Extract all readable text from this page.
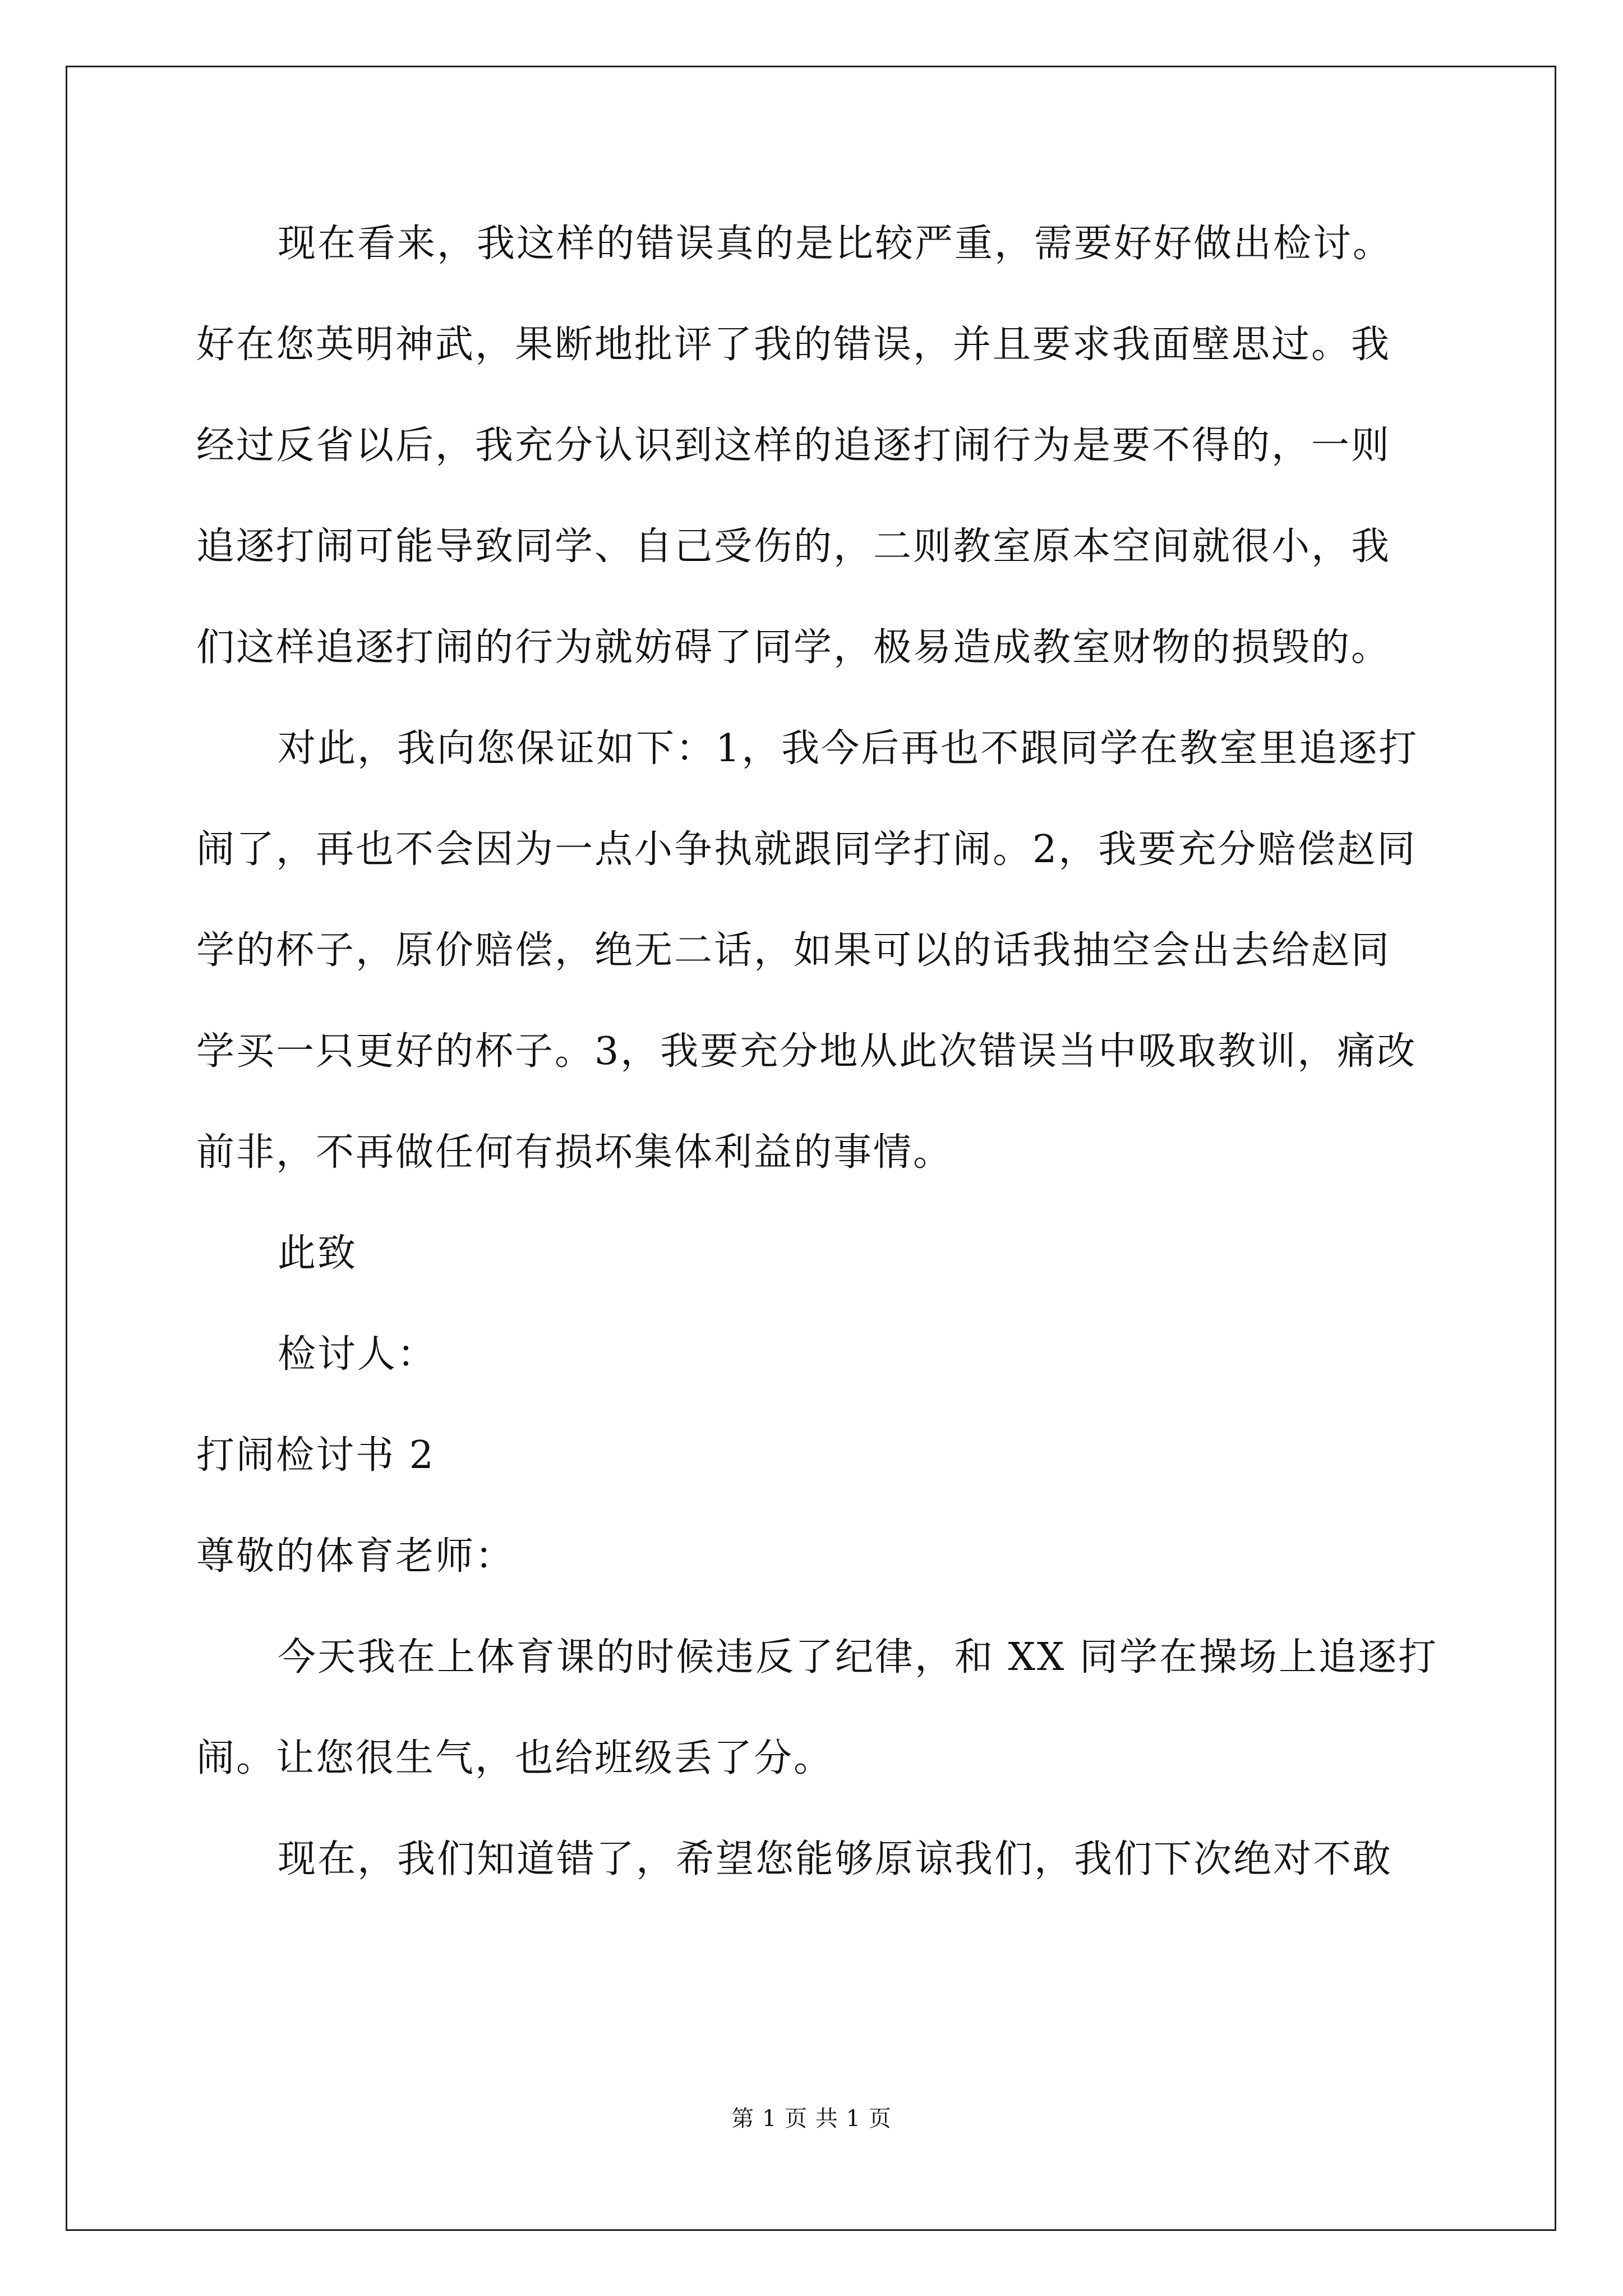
现在看来，我这样的错误真的是比较严重，需要好好做出检讨。
好在您英明神武，果断地批评了我的错误，并且要求我面壁思过。我
经过反省以后，我充分认识到这样的追逐打闹行为是要不得的，一则
追逐打闹可能导致同学、自己受伤的，二则教室原本空间就很小，我
们这样追逐打闹的行为就妨碍了同学，极易造成教室财物的损毁的。
对此，我向您保证如下：1，我今后再也不跟同学在教室里追逐打
闹了，再也不会因为一点小争执就跟同学打闹。2，我要充分赔偿赵同
学的杯子，原价赔偿，绝无二话，如果可以的话我抽空会出去给赵同
学买一只更好的杯子。3，我要充分地从此次错误当中吸取教训，痛改
前非，不再做任何有损坏集体利益的事情。
此致
检讨人：
打闹检讨书 2
尊敬的体育老师：
今天我在上体育课的时候违反了纪律，和 XX 同学在操场上追逐打
闹。让您很生气，也给班级丢了分。
现在，我们知道错了，希望您能够原谅我们，我们下次绝对不敢
第 1 页 共 1 页
